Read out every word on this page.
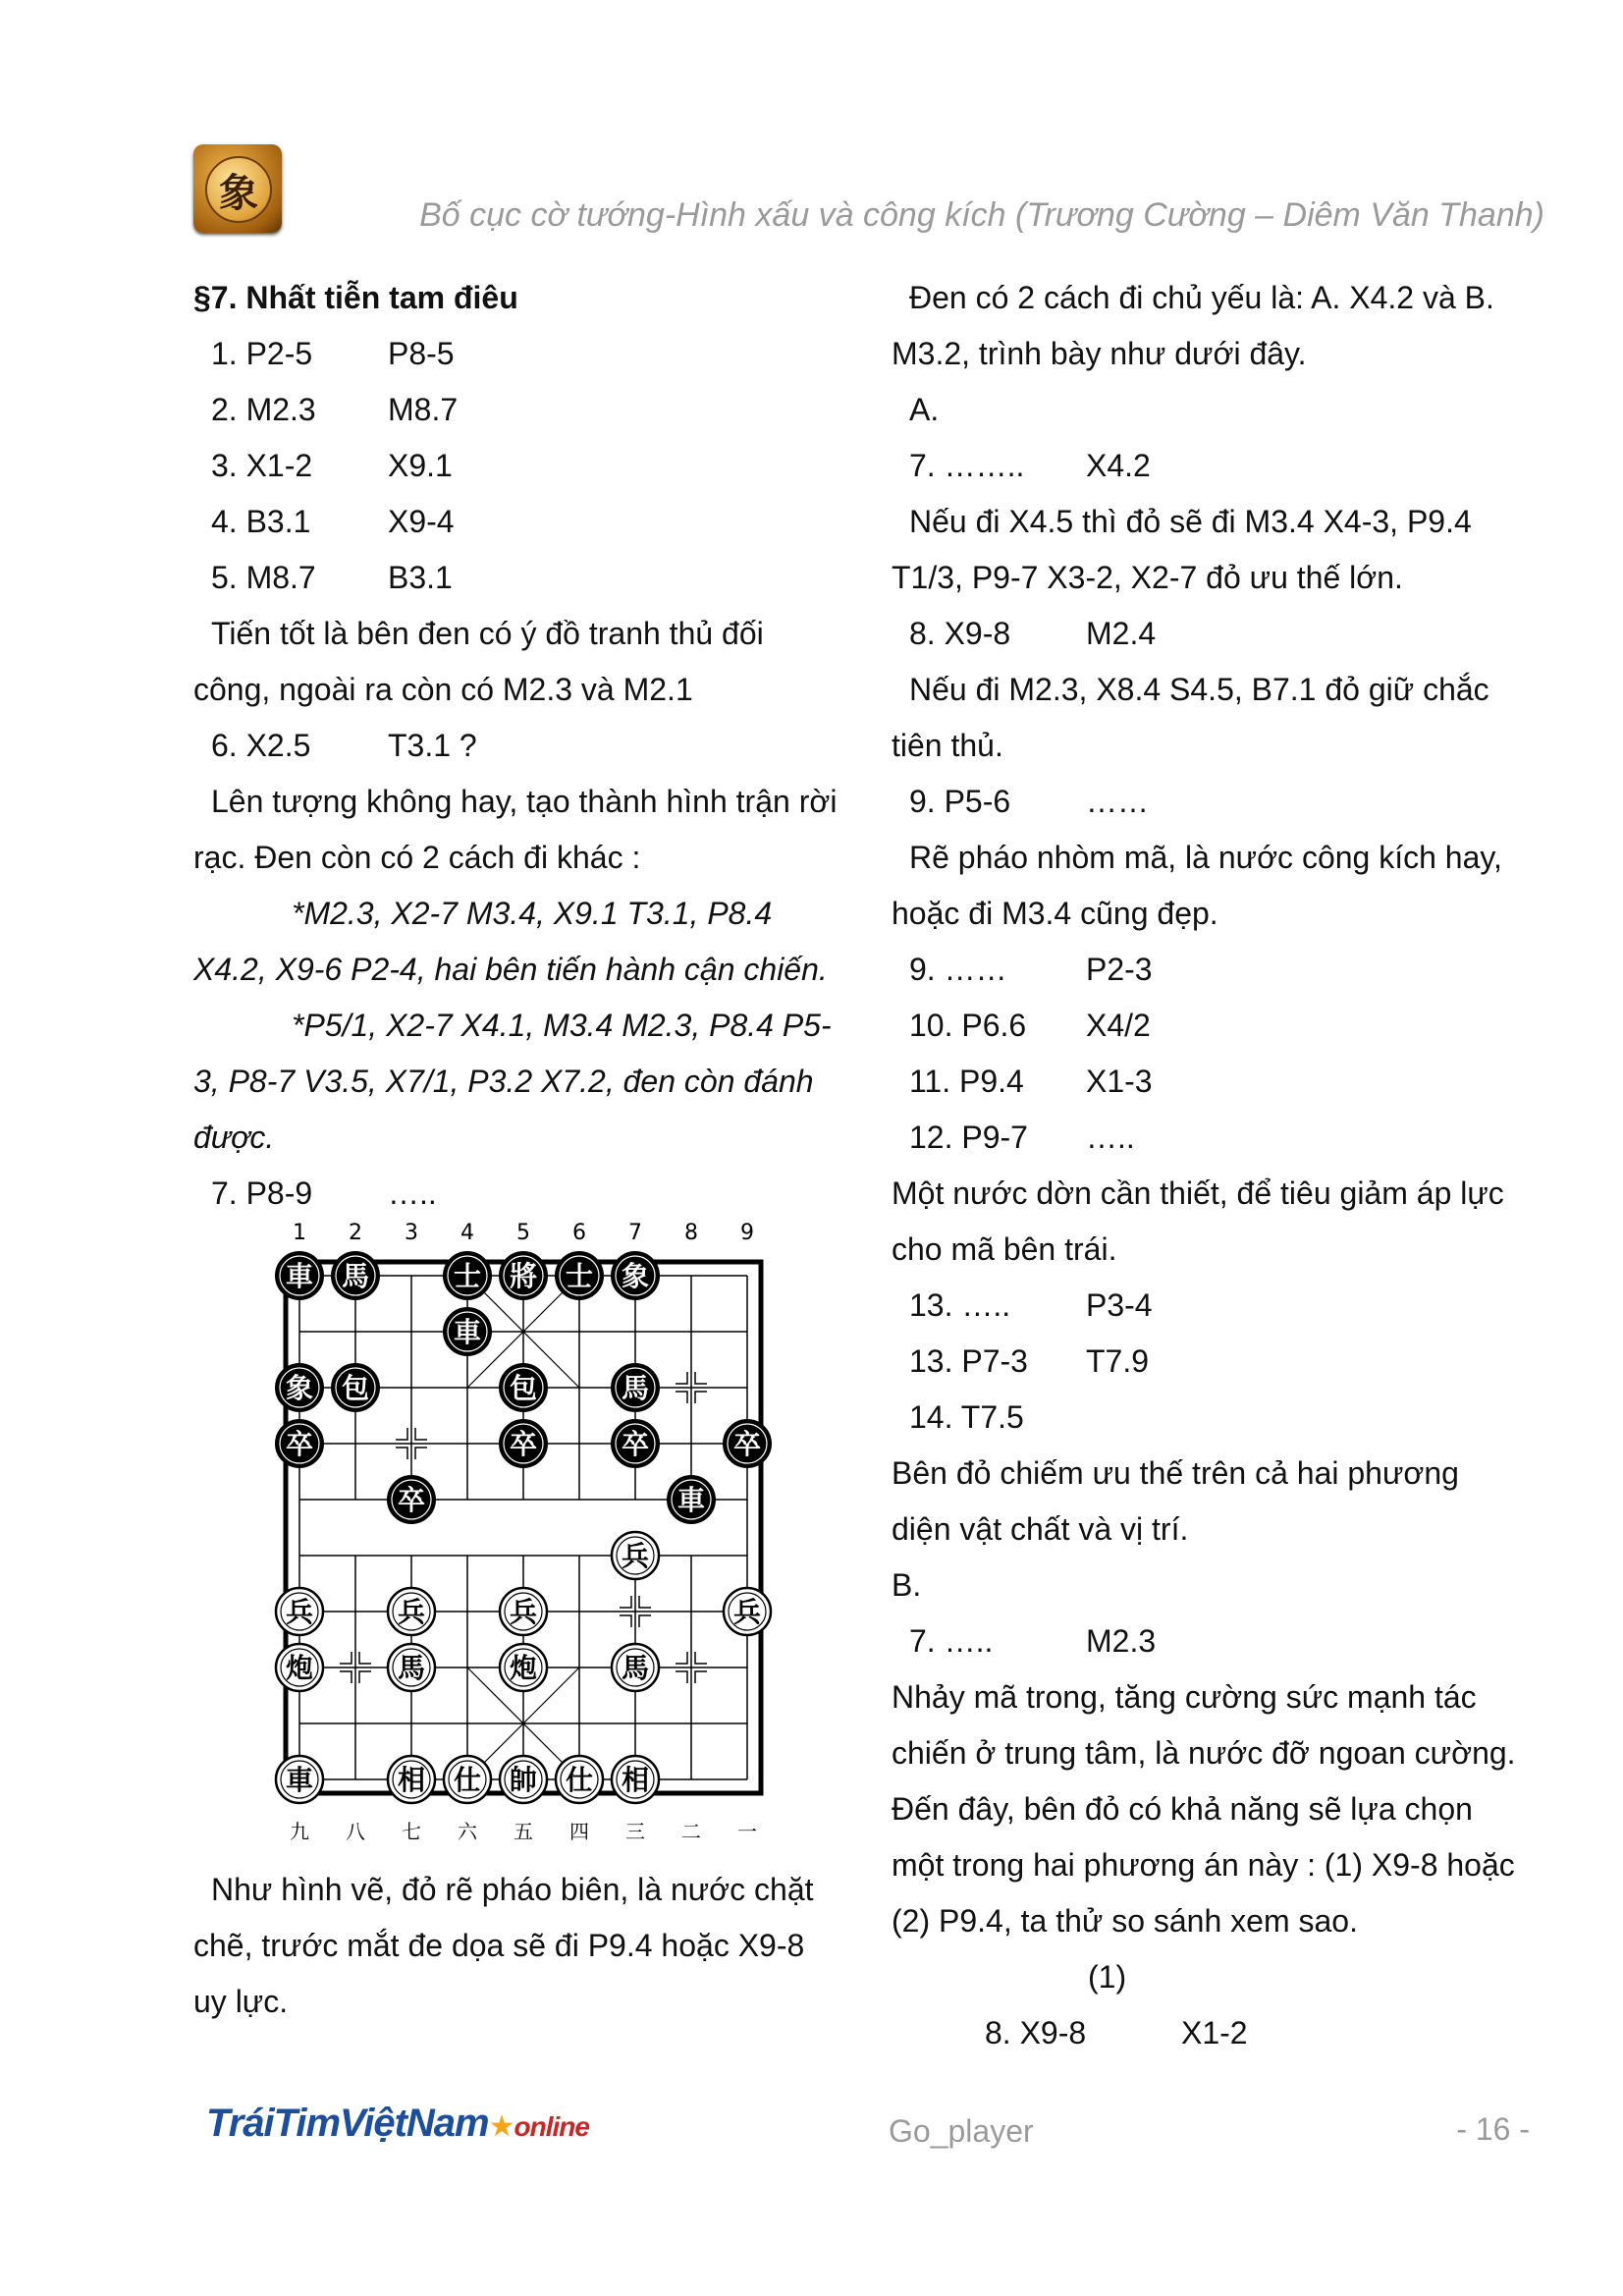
象	Bố cục cờ tướng-Hình xấu và công kích (Trương Cường – Diêm Văn Thanh)
§7. Nhất tiễn tam điêu
1. P2-5	P8-5
2. M2.3	M8.7
3. X1-2	X9.1
4. B3.1	X9-4
5. M8.7	B3.1
Tiến tốt là bên đen có ý đồ tranh thủ đối
công, ngoài ra còn có M2.3 và M2.1
6. X2.5	T3.1 ?
Lên tượng không hay, tạo thành hình trận rời
rạc. Đen còn có 2 cách đi khác :
*M2.3, X2-7 M3.4, X9.1 T3.1, P8.4
X4.2, X9-6 P2-4, hai bên tiến hành cận chiến.
*P5/1, X2-7 X4.1, M3.4 M2.3, P8.4 P5-
3, P8-7 V3.5, X7/1, P3.2 X7.2, đen còn đánh
được.
7. P8-9	…..
1 2 3 4 5 6 7 8 9
九 八 七 六 五 四 三 二 一
車 馬	士 將 士 象
車
象 包	包	馬
卒	卒	卒	卒
卒	車
兵
兵	兵	兵	兵
炮	馬	炮	馬
車	相 仕 帥 仕 相
Như hình vẽ, đỏ rẽ pháo biên, là nước chặt
chẽ, trước mắt đe dọa sẽ đi P9.4 hoặc X9-8
uy lực.
Đen có 2 cách đi chủ yếu là: A. X4.2 và B.
M3.2, trình bày như dưới đây.
A.
7. ……..	X4.2
Nếu đi X4.5 thì đỏ sẽ đi M3.4 X4-3, P9.4
T1/3, P9-7 X3-2, X2-7 đỏ ưu thế lớn.
8. X9-8	M2.4
Nếu đi M2.3, X8.4 S4.5, B7.1 đỏ giữ chắc
tiên thủ.
9. P5-6	……
Rẽ pháo nhòm mã, là nước công kích hay,
hoặc đi M3.4 cũng đẹp.
9. ……	P2-3
10. P6.6	X4/2
11. P9.4	X1-3
12. P9-7	…..
Một nước dờn cần thiết, để tiêu giảm áp lực
cho mã bên trái.
13. …..	P3-4
13. P7-3	T7.9
14. T7.5
Bên đỏ chiếm ưu thế trên cả hai phương
diện vật chất và vị trí.
B.
7. …..	M2.3
Nhảy mã trong, tăng cường sức mạnh tác
chiến ở trung tâm, là nước đỡ ngoan cường.
Đến đây, bên đỏ có khả năng sẽ lựa chọn
một trong hai phương án này : (1) X9-8 hoặc
(2) P9.4, ta thử so sánh xem sao.
(1)
8. X9-8	X1-2
TráiTimViệtNam★online	Go_player	- 16 -
